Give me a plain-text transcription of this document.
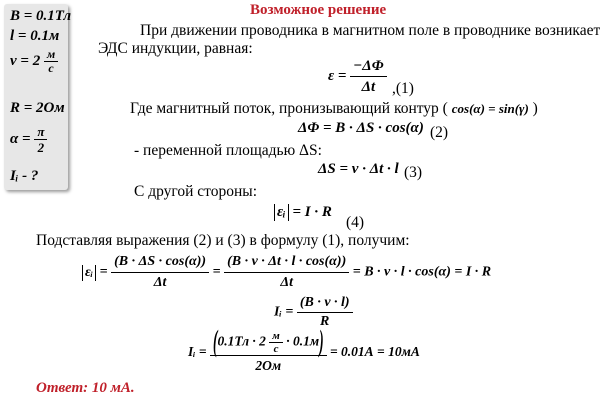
B = 0.1Тл
l = 0.1м
$v = 2 \frac{м}{с}$
R = 2Ом
$\alpha = \frac{\pi}{2}$
Iᵢ - ?
Возможное решение
При движении проводника в магнитном поле в проводнике возникает
ЭДС индукции, равная:
$\varepsilon = \frac{-\Delta\Phi}{\Delta t} ,(1)$
Где магнитный поток, пронизывающий контур ( cos(α) = sin(γ) )
ΔΦ = B · ΔS · cos(α) (2)
- переменной площадью ΔS:
ΔS = v · Δt · l (3)
С другой стороны:
εᵢ = I · R
(4)
Подставляя выражения (2) и (3) в формулу (1), получим:
εᵢ = $\frac{(B \cdot \Delta S \cdot \cos(\alpha))}{\Delta t} = \frac{(B \cdot v \cdot \Delta t \cdot l \cdot \cos(\alpha))}{\Delta t} = B \cdot v \cdot l \cdot \cos(\alpha) = I \cdot R$
Iᵢ = $\frac{(B \cdot v \cdot l)}{R}$
Iᵢ = $\frac{(0.1Тл \cdot 2 \frac{м}{с} \cdot 0.1м)}{2Ом} = 0.01А = 10мА$
Ответ: 10 мА.
